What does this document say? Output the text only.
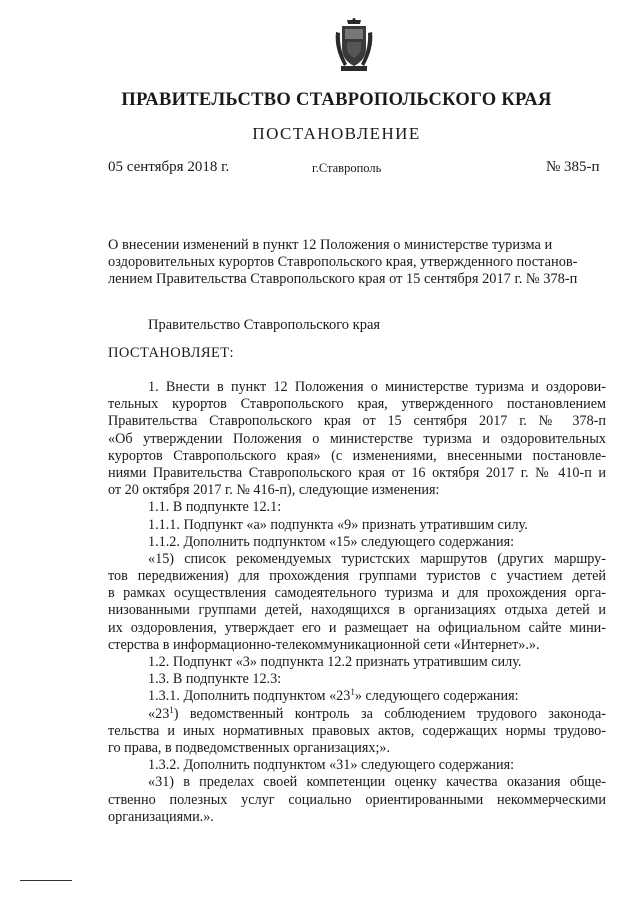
ПРАВИТЕЛЬСТВО СТАВРОПОЛЬСКОГО КРАЯ
ПОСТАНОВЛЕНИЕ
05 сентября 2018 г.	г.Ставрополь	№ 385-п
О внесении изменений в пункт 12 Положения о министерстве туризма и
оздоровительных курортов Ставропольского края, утвержденного постанов-
лением Правительства Ставропольского края от 15 сентября 2017 г. № 378-п
Правительство Ставропольского края
ПОСТАНОВЛЯЕТ:
1. Внести в пункт 12 Положения о министерстве туризма и оздорови-
тельных курортов Ставропольского края, утвержденного постановлением
Правительства Ставропольского края от 15 сентября 2017 г. № 378-п
«Об утверждении Положения о министерстве туризма и оздоровительных
курортов Ставропольского края» (с изменениями, внесенными постановле-
ниями Правительства Ставропольского края от 16 октября 2017 г. № 410-п и
от 20 октября 2017 г. № 416-п), следующие изменения:
1.1. В подпункте 12.1:
1.1.1. Подпункт «а» подпункта «9» признать утратившим силу.
1.1.2. Дополнить подпунктом «15» следующего содержания:
«15) список рекомендуемых туристских маршрутов (других маршру-
тов передвижения) для прохождения группами туристов с участием детей
в рамках осуществления самодеятельного туризма и для прохождения орга-
низованными группами детей, находящихся в организациях отдыха детей и
их оздоровления, утверждает его и размещает на официальном сайте мини-
стерства в информационно-телекоммуникационной сети «Интернет».».
1.2. Подпункт «3» подпункта 12.2 признать утратившим силу.
1.3. В подпункте 12.3:
1.3.1. Дополнить подпунктом «$23^1$» следующего содержания:
«$23^1$) ведомственный контроль за соблюдением трудового законода-
тельства и иных нормативных правовых актов, содержащих нормы трудово-
го права, в подведомственных организациях;».
1.3.2. Дополнить подпунктом «31» следующего содержания:
«31) в пределах своей компетенции оценку качества оказания обще-
ственно полезных услуг социально ориентированными некоммерческими
организациями.».
